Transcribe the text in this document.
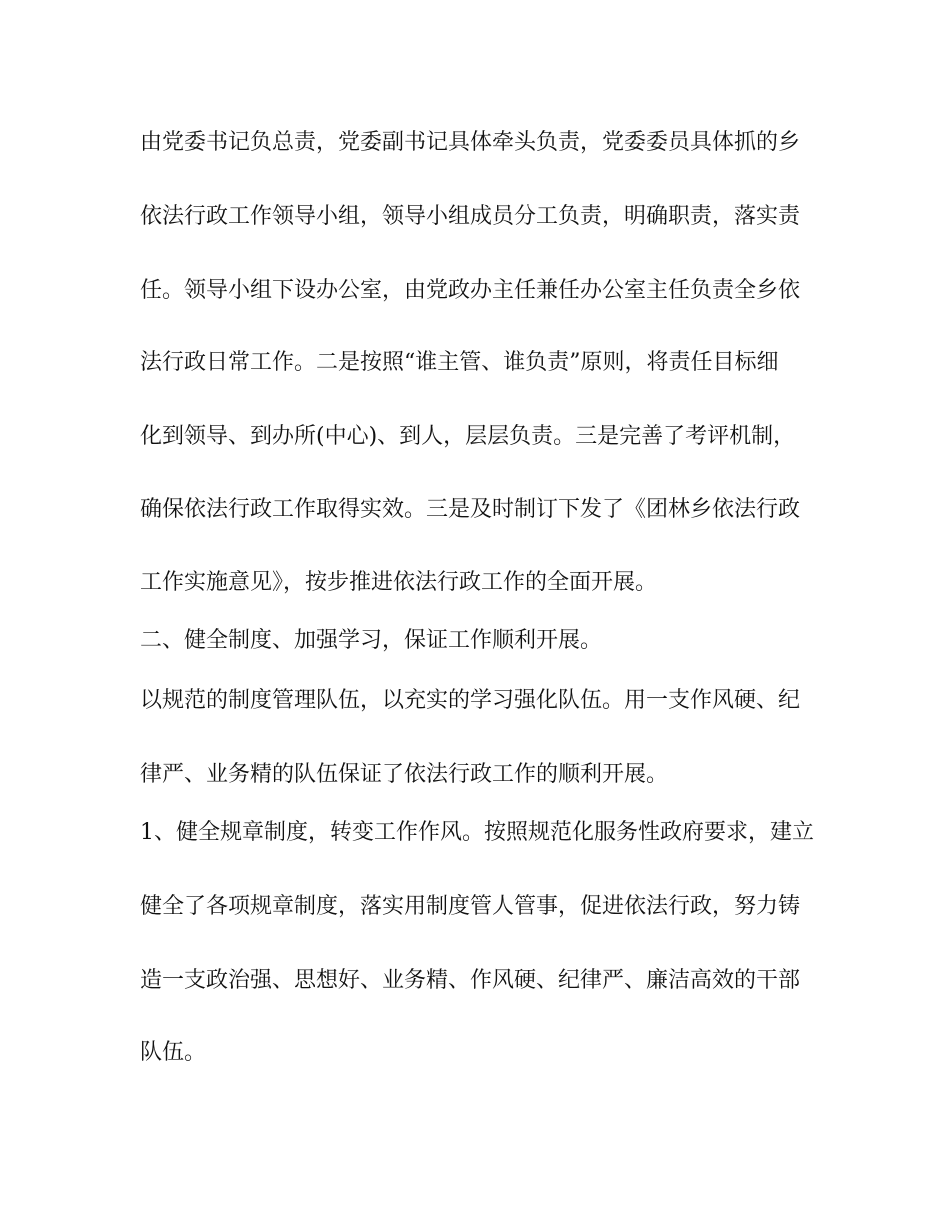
由党委书记负总责，党委副书记具体牵头负责，党委委员具体抓的乡
依法行政工作领导小组，领导小组成员分工负责，明确职责，落实责
任。领导小组下设办公室，由党政办主任兼任办公室主任负责全乡依
法行政日常工作。二是按照“谁主管、谁负责”原则，将责任目标细
化到领导、到办所(中心)、到人，层层负责。三是完善了考评机制，
确保依法行政工作取得实效。三是及时制订下发了《团林乡依法行政
工作实施意见》，按步推进依法行政工作的全面开展。
二、健全制度、加强学习，保证工作顺利开展。
以规范的制度管理队伍，以充实的学习强化队伍。用一支作风硬、纪
律严、业务精的队伍保证了依法行政工作的顺利开展。
1、健全规章制度，转变工作作风。按照规范化服务性政府要求，建立
健全了各项规章制度，落实用制度管人管事，促进依法行政，努力铸
造一支政治强、思想好、业务精、作风硬、纪律严、廉洁高效的干部
队伍。
